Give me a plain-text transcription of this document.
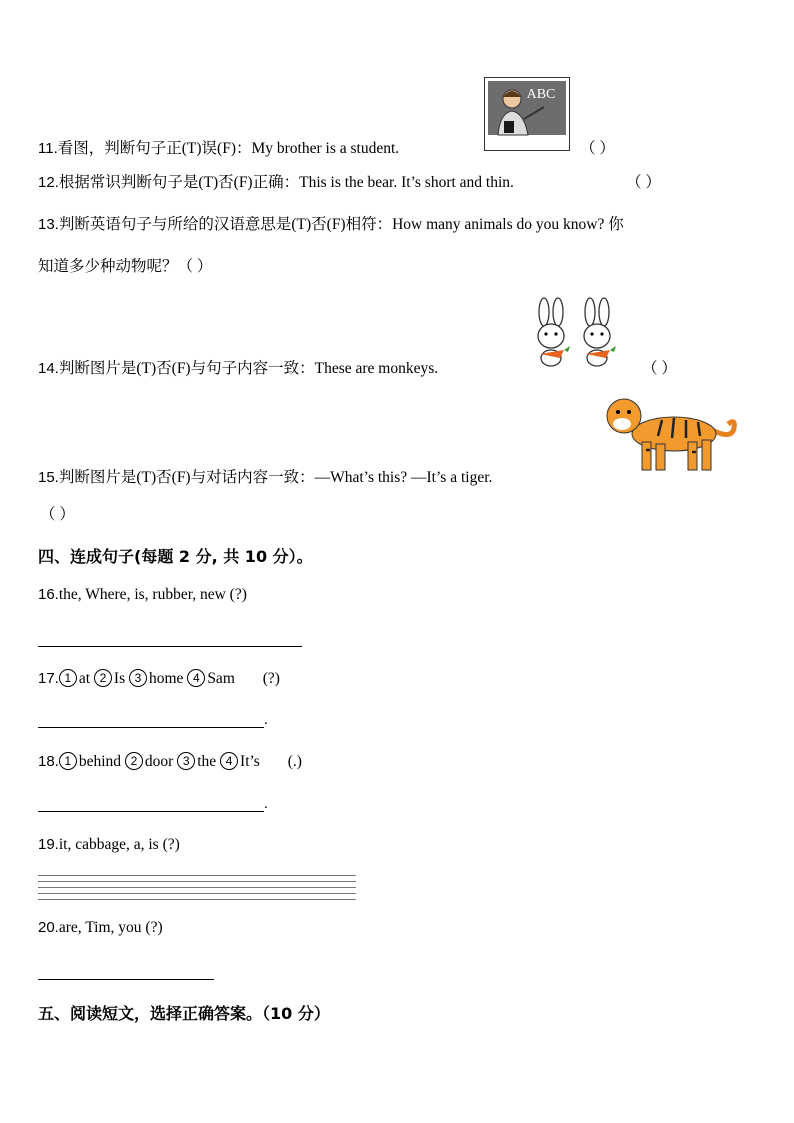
ABC
11.看图，判断句子正(T)误(F)：My brother is a student.	（ ）
12.根据常识判断句子是(T)否(F)正确：This is the bear. It’s short and thin.	（ ）
13.判断英语句子与所给的汉语意思是(T)否(F)相符：How many animals do you know? 你
知道多少种动物呢？（ ）
14.判断图片是(T)否(F)与句子内容一致：These are monkeys.	（ ）
15.判断图片是(T)否(F)与对话内容一致：—What’s this? —It’s a tiger.
（ ）
四、连成句子(每题 2 分, 共 10 分）。
16.the, Where, is, rubber, new (?)
17. 1 at 2 Is 3 home 4 Sam (?)
.
18. 1 behind 2 door 3 the 4 It’s (.)
.
19.it, cabbage, a, is (?)
20.are, Tim, you (?)
五、阅读短文，选择正确答案。（10 分）
